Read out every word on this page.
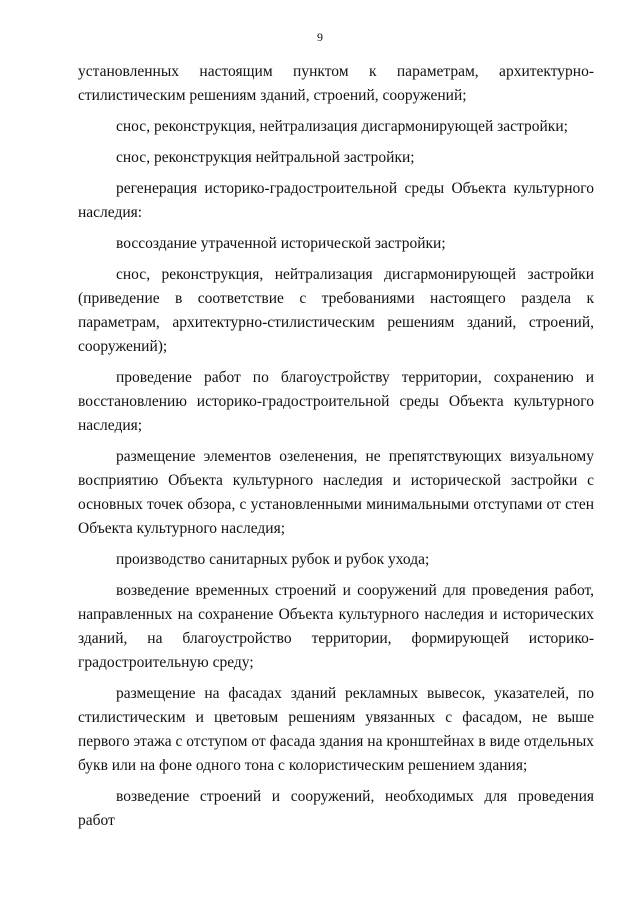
9

установленных настоящим пунктом к параметрам, архитектурно-стилистическим решениям зданий, строений, сооружений;

снос, реконструкция, нейтрализация дисгармонирующей застройки;

снос, реконструкция нейтральной застройки;

регенерация историко-градостроительной среды Объекта культурного наследия:

воссоздание утраченной исторической застройки;

снос, реконструкция, нейтрализация дисгармонирующей застройки (приведение в соответствие с требованиями настоящего раздела к параметрам, архитектурно-стилистическим решениям зданий, строений, сооружений);

проведение работ по благоустройству территории, сохранению и восстановлению историко-градостроительной среды Объекта культурного наследия;

размещение элементов озеленения, не препятствующих визуальному восприятию Объекта культурного наследия и исторической застройки с основных точек обзора, с установленными минимальными отступами от стен Объекта культурного наследия;

производство санитарных рубок и рубок ухода;

возведение временных строений и сооружений для проведения работ, направленных на сохранение Объекта культурного наследия и исторических зданий, на благоустройство территории, формирующей историко-градостроительную среду;

размещение на фасадах зданий рекламных вывесок, указателей, по стилистическим и цветовым решениям увязанных с фасадом, не выше первого этажа с отступом от фасада здания на кронштейнах в виде отдельных букв или на фоне одного тона с колористическим решением здания;

возведение строений и сооружений, необходимых для проведения работ
